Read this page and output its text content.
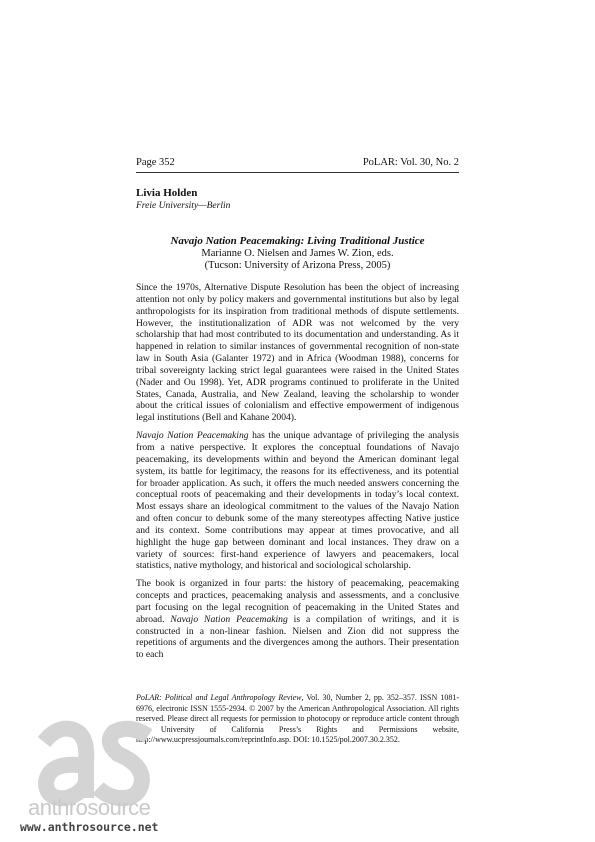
Page 352	PoLAR: Vol. 30, No. 2
Livia Holden
Freie University—Berlin
Navajo Nation Peacemaking: Living Traditional Justice
Marianne O. Nielsen and James W. Zion, eds.
(Tucson: University of Arizona Press, 2005)

Since the 1970s, Alternative Dispute Resolution has been the object of increasing attention not only by policy makers and governmental institutions but also by legal anthropologists for its inspiration from traditional methods of dispute settlements. However, the institutionalization of ADR was not welcomed by the very scholarship that had most contributed to its documentation and understanding. As it happened in relation to similar instances of governmental recognition of non-state law in South Asia (Galanter 1972) and in Africa (Woodman 1988), concerns for tribal sovereignty lacking strict legal guarantees were raised in the United States (Nader and Ou 1998). Yet, ADR programs continued to proliferate in the United States, Canada, Australia, and New Zealand, leaving the scholarship to wonder about the critical issues of colonialism and effective empowerment of indigenous legal institutions (Bell and Kahane 2004).

Navajo Nation Peacemaking has the unique advantage of privileging the analysis from a native perspective. It explores the conceptual foundations of Navajo peacemaking, its developments within and beyond the American dominant legal system, its battle for legitimacy, the reasons for its effectiveness, and its potential for broader application. As such, it offers the much needed answers concerning the conceptual roots of peacemaking and their developments in today’s local context. Most essays share an ideological commitment to the values of the Navajo Nation and often concur to debunk some of the many stereotypes affecting Native justice and its context. Some contributions may appear at times provocative, and all highlight the huge gap between dominant and local instances. They draw on a variety of sources: first-hand experience of lawyers and peacemakers, local statistics, native mythology, and historical and sociological scholarship.

The book is organized in four parts: the history of peacemaking, peacemaking concepts and practices, peacemaking analysis and assessments, and a conclusive part focusing on the legal recognition of peacemaking in the United States and abroad. Navajo Nation Peacemaking is a compilation of writings, and it is constructed in a non-linear fashion. Nielsen and Zion did not suppress the repetitions of arguments and the divergences among the authors. Their presentation to each

PoLAR: Political and Legal Anthropology Review, Vol. 30, Number 2, pp. 352–357. ISSN 1081-6976, electronic ISSN 1555-2934. © 2007 by the American Anthropological Association. All rights reserved. Please direct all requests for permission to photocopy or reproduce article content through the University of California Press’s Rights and Permissions website, http://www.ucpressjournals.com/reprintInfo.asp. DOI: 10.1525/pol.2007.30.2.352.
anthrosource
www.anthrosource.net
